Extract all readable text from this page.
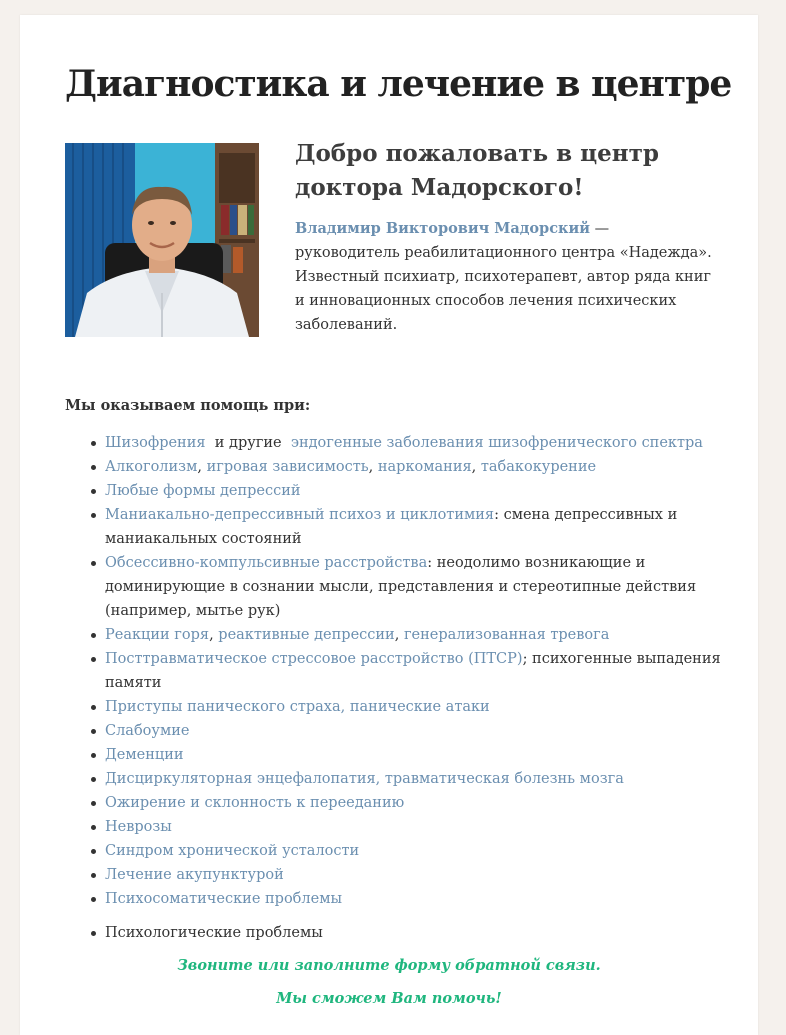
Диагностика и лечение в центре
Добро пожаловать в центр доктора Мадорского!

Владимир Викторович Мадорский — руководитель реабилитационного центра «Надежда». Известный психиатр, психотерапевт, автор ряда книг и инновационных способов лечения психических заболеваний.

Мы оказываем помощь при:

Шизофрения  и другие  эндогенные заболевания шизофренического спектра
Алкоголизм, игровая зависимость, наркомания, табакокурение
Любые формы депрессий
Маниакально-депрессивный психоз и циклотимия: смена депрессивных и маниакальных состояний
Обсессивно-компульсивные расстройства: неодолимо возникающие и доминирующие в сознании мысли, представления и стереотипные действия (например, мытье рук)
Реакции горя, реактивные депрессии, генерализованная тревога
Посттравматическое стрессовое расстройство (ПТСР); психогенные выпадения памяти
Приступы панического страха, панические атаки
Слабоумие
Деменции
Дисциркуляторная энцефалопатия, травматическая болезнь мозга
Ожирение и склонность к перееданию
Неврозы
Синдром хронической усталости
Лечение акупунктурой
Психосоматические проблемы
Психологические проблемы

Звоните или заполните форму обратной связи.

Мы сможем Вам помочь!
